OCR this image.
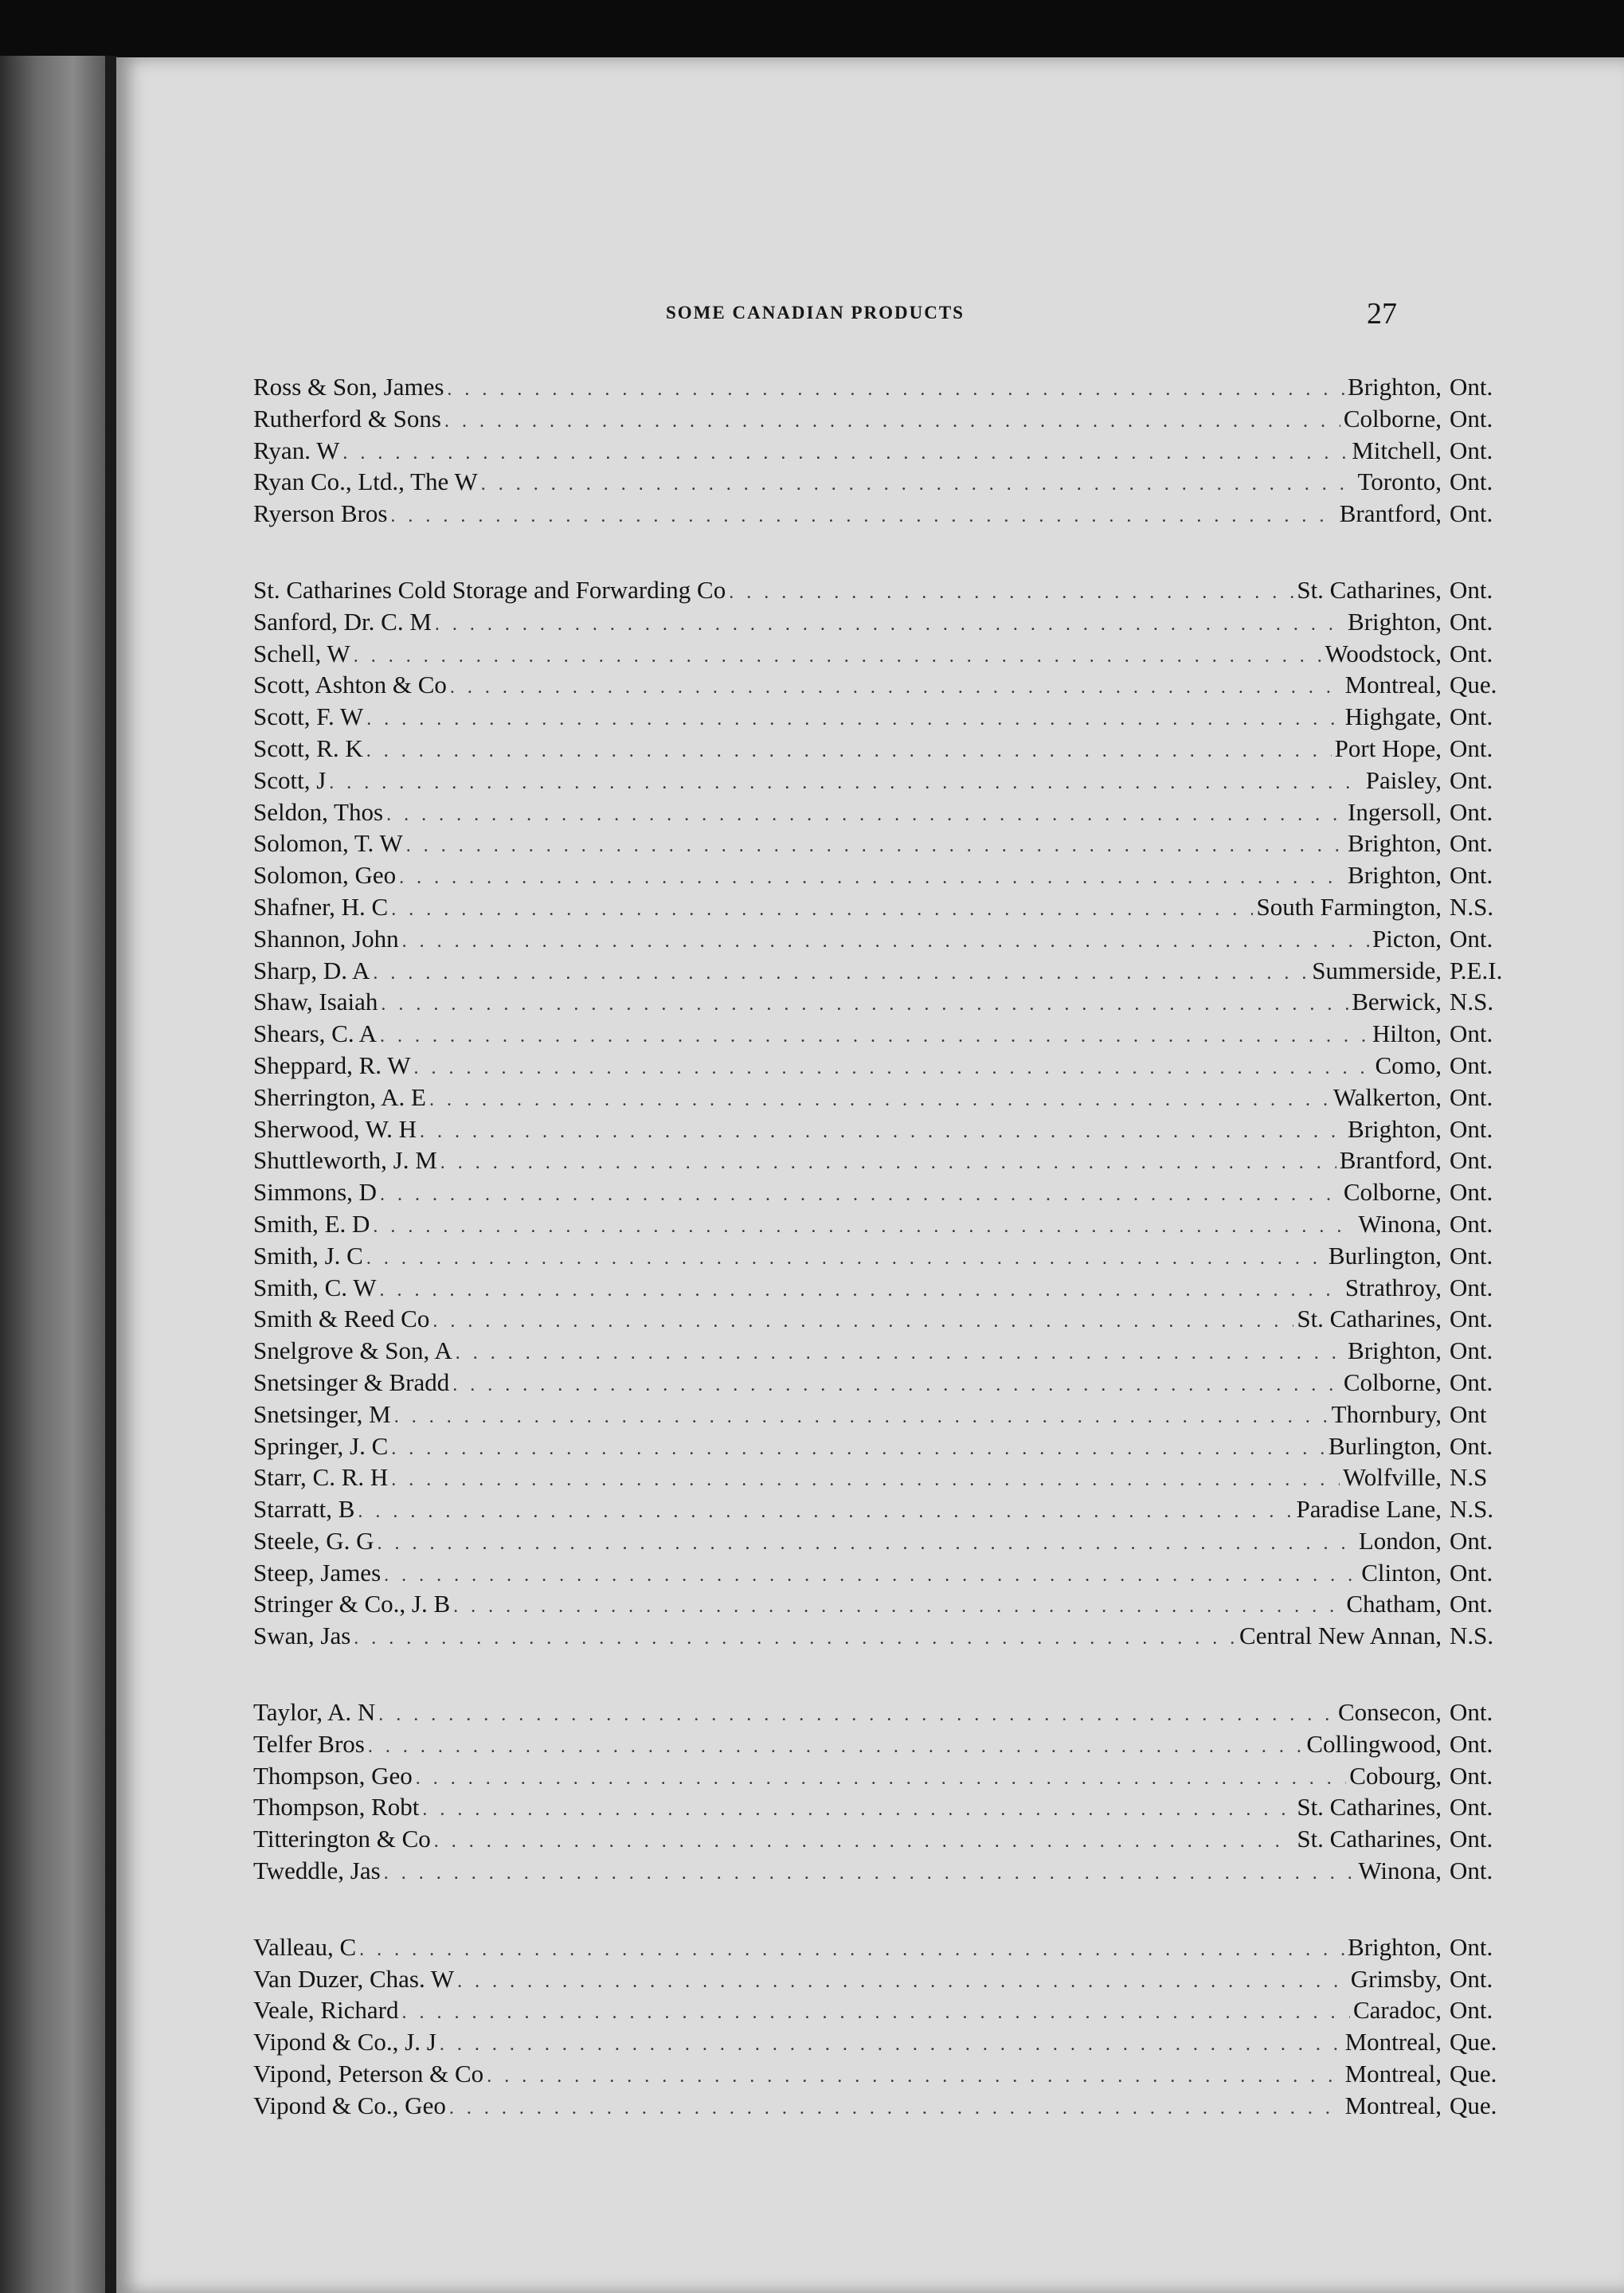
SOME CANADIAN PRODUCTS	27
Ross & Son, James . . .	Brighton, Ont.
Rutherford & Sons . . .	Colborne, Ont.
Ryan. W . . .	Mitchell, Ont.
Ryan Co., Ltd., The W . . .	Toronto, Ont.
Ryerson Bros . . .	Brantford, Ont.
St. Catharines Cold Storage and Forwarding Co . . .	St. Catharines, Ont.
Sanford, Dr. C. M . . .	Brighton, Ont.
Schell, W . . .	Woodstock, Ont.
Scott, Ashton & Co . . .	Montreal, Que.
Scott, F. W . . .	Highgate, Ont.
Scott, R. K . . .	Port Hope, Ont.
Scott, J . . .	Paisley, Ont.
Seldon, Thos . . .	Ingersoll, Ont.
Solomon, T. W . . .	Brighton, Ont.
Solomon, Geo . . .	Brighton, Ont.
Shafner, H. C . . .	South Farmington, N.S.
Shannon, John . . .	Picton, Ont.
Sharp, D. A . . .	Summerside, P.E.I.
Shaw, Isaiah . . .	Berwick, N.S.
Shears, C. A . . .	Hilton, Ont.
Sheppard, R. W . . .	Como, Ont.
Sherrington, A. E . . .	Walkerton, Ont.
Sherwood, W. H . . .	Brighton, Ont.
Shuttleworth, J. M . . .	Brantford, Ont.
Simmons, D . . .	Colborne, Ont.
Smith, E. D . . .	Winona, Ont.
Smith, J. C . . .	Burlington, Ont.
Smith, C. W . . .	Strathroy, Ont.
Smith & Reed Co . . .	St. Catharines, Ont.
Snelgrove & Son, A . . .	Brighton, Ont.
Snetsinger & Bradd . . .	Colborne, Ont.
Snetsinger, M . . .	Thornbury, Ont
Springer, J. C . . .	Burlington, Ont.
Starr, C. R. H . . .	Wolfville, N.S
Starratt, B . . .	Paradise Lane, N.S.
Steele, G. G . . .	London, Ont.
Steep, James . . .	Clinton, Ont.
Stringer & Co., J. B . . .	Chatham, Ont.
Swan, Jas . . .	Central New Annan, N.S.
Taylor, A. N . . .	Consecon, Ont.
Telfer Bros . . .	Collingwood, Ont.
Thompson, Geo . . .	Cobourg, Ont.
Thompson, Robt . . .	St. Catharines, Ont.
Titterington & Co . . .	St. Catharines, Ont.
Tweddle, Jas . . .	Winona, Ont.
Valleau, C . . .	Brighton, Ont.
Van Duzer, Chas. W . . .	Grimsby, Ont.
Veale, Richard . . .	Caradoc, Ont.
Vipond & Co., J. J . . .	Montreal, Que.
Vipond, Peterson & Co . . .	Montreal, Que.
Vipond & Co., Geo . . .	Montreal, Que.
